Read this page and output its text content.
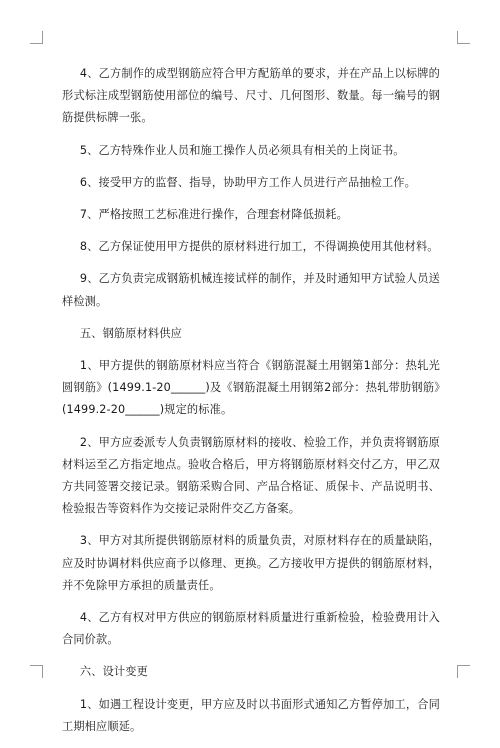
4、乙方制作的成型钢筋应符合甲方配筋单的要求，并在产品上以标牌的形式标注成型钢筋使用部位的编号、尺寸、几何图形、数量。每一编号的钢筋提供标牌一张。

5、乙方特殊作业人员和施工操作人员必须具有相关的上岗证书。

6、接受甲方的监督、指导，协助甲方工作人员进行产品抽检工作。

7、严格按照工艺标准进行操作，合理套材降低损耗。

8、乙方保证使用甲方提供的原材料进行加工，不得调换使用其他材料。

9、乙方负责完成钢筋机械连接试样的制作，并及时通知甲方试验人员送样检测。

五、钢筋原材料供应

1、甲方提供的钢筋原材料应当符合《钢筋混凝土用钢第1部分：热轧光圆钢筋》(1499.1-20______)及《钢筋混凝土用钢第2部分：热轧带肋钢筋》(1499.2-20______)规定的标准。

2、甲方应委派专人负责钢筋原材料的接收、检验工作，并负责将钢筋原材料运至乙方指定地点。验收合格后，甲方将钢筋原材料交付乙方，甲乙双方共同签署交接记录。钢筋采购合同、产品合格证、质保卡、产品说明书、检验报告等资料作为交接记录附件交乙方备案。

3、甲方对其所提供钢筋原材料的质量负责，对原材料存在的质量缺陷，应及时协调材料供应商予以修理、更换。乙方接收甲方提供的钢筋原材料，并不免除甲方承担的质量责任。

4、乙方有权对甲方供应的钢筋原材料质量进行重新检验，检验费用计入合同价款。

六、设计变更

1、如遇工程设计变更，甲方应及时以书面形式通知乙方暂停加工，合同工期相应顺延。
